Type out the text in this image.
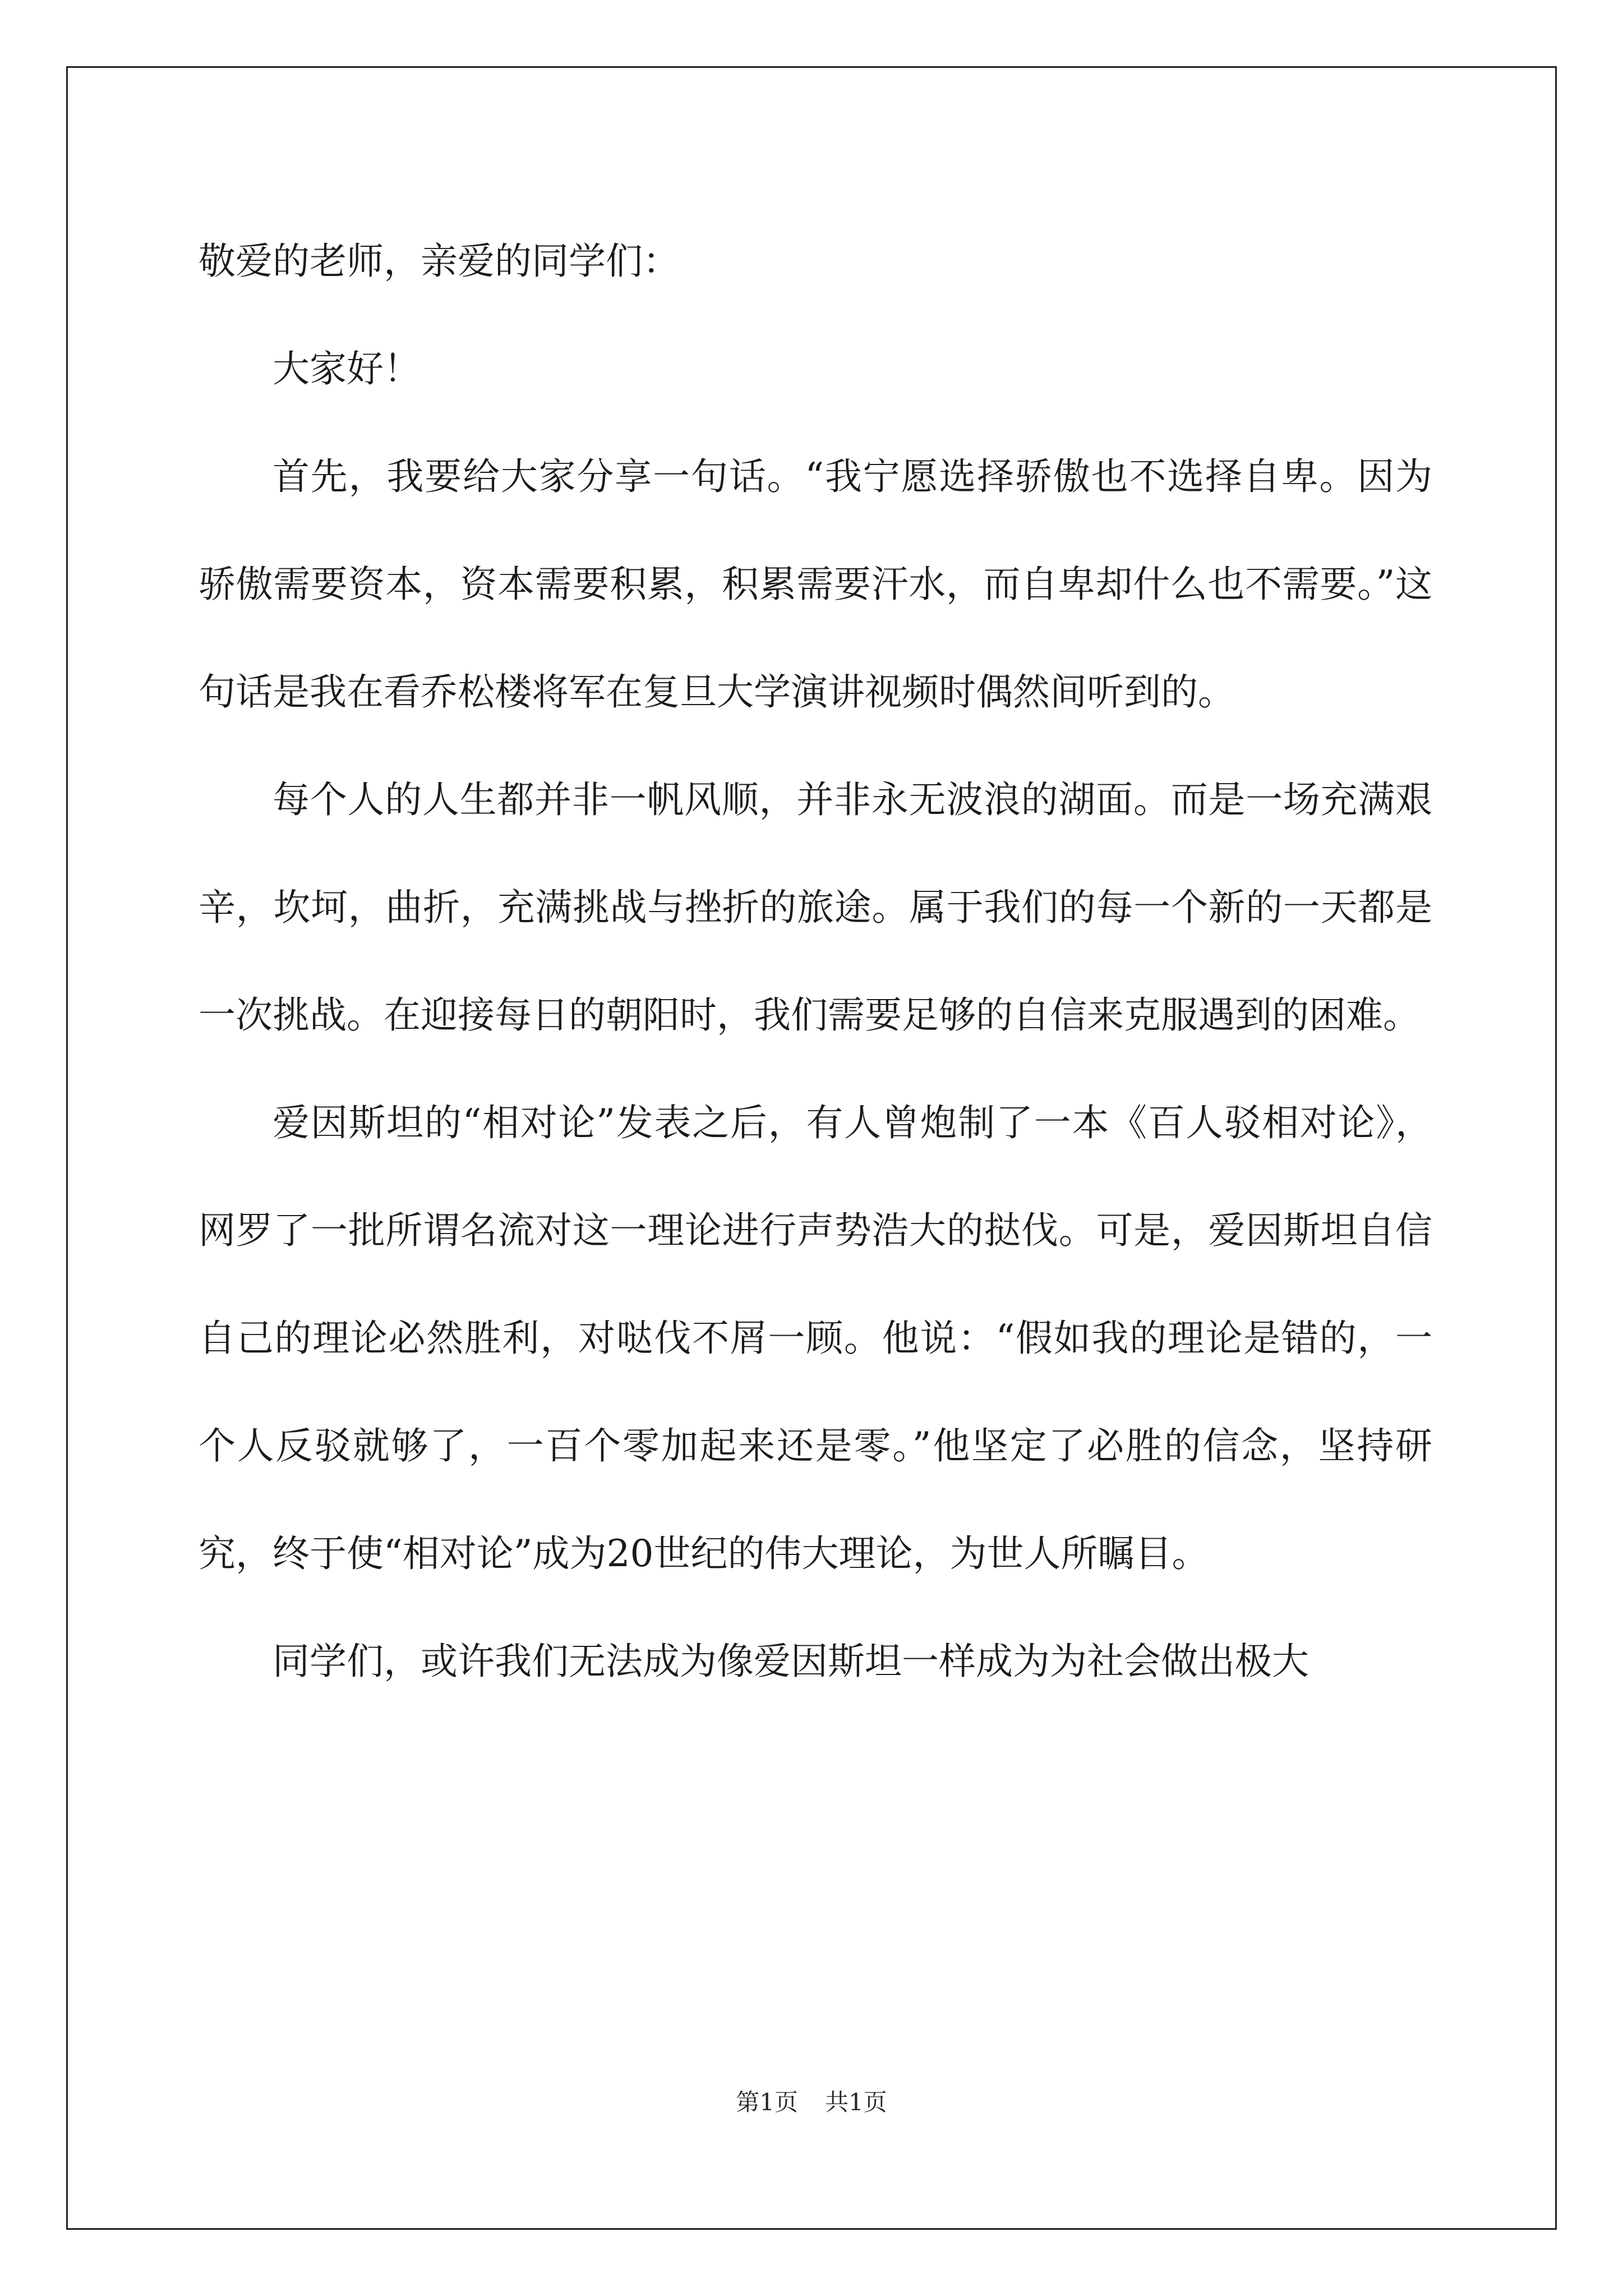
敬爱的老师，亲爱的同学们：

大家好！

首先，我要给大家分享一句话。“我宁愿选择骄傲也不选择自卑。因为骄傲需要资本，资本需要积累，积累需要汗水，而自卑却什么也不需要。”这句话是我在看乔松楼将军在复旦大学演讲视频时偶然间听到的。

每个人的人生都并非一帆风顺，并非永无波浪的湖面。而是一场充满艰辛，坎坷，曲折，充满挑战与挫折的旅途。属于我们的每一个新的一天都是一次挑战。在迎接每日的朝阳时，我们需要足够的自信来克服遇到的困难。

爱因斯坦的“相对论”发表之后，有人曾炮制了一本《百人驳相对论》，网罗了一批所谓名流对这一理论进行声势浩大的挞伐。可是，爱因斯坦自信自己的理论必然胜利，对哒伐不屑一顾。他说：“假如我的理论是错的，一个人反驳就够了，一百个零加起来还是零。”他坚定了必胜的信念，坚持研究，终于使“相对论”成为20世纪的伟大理论，为世人所瞩目。

同学们，或许我们无法成为像爱因斯坦一样成为为社会做出极大

第1页 共1页
